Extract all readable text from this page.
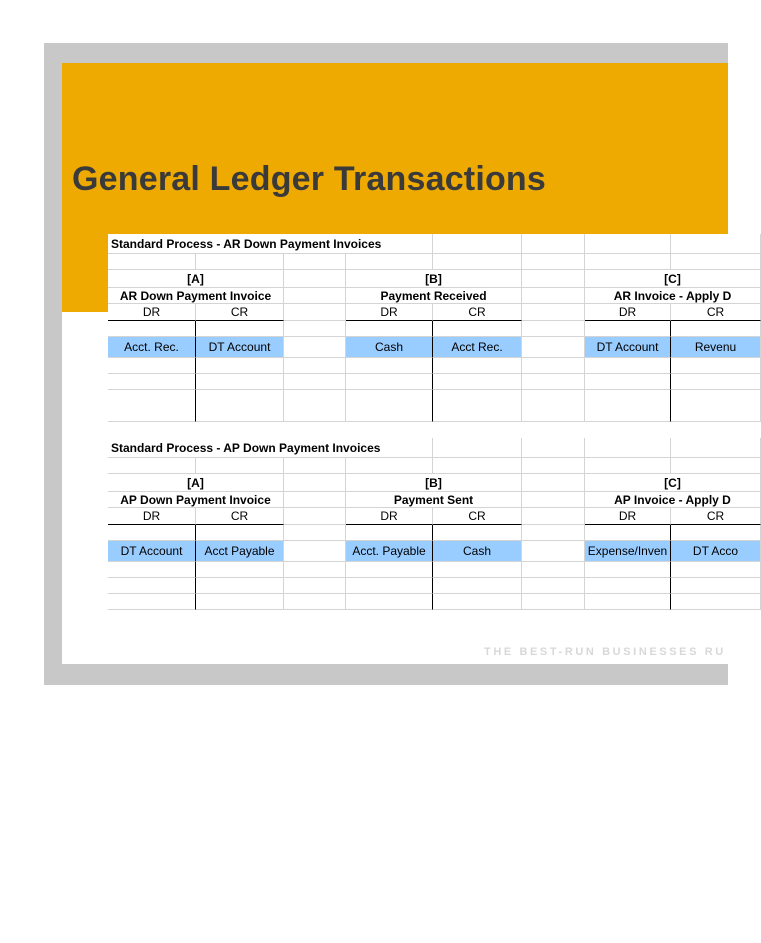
General Ledger Transactions
Standard Process - AR Down Payment Invoices
[A]	[B]	[C]
AR Down Payment Invoice	Payment Received	AR Invoice - Apply D
DR	CR	DR	CR	DR	CR
Acct. Rec.	DT Account	Cash	Acct Rec.	DT Account	Revenu
Standard Process - AP Down Payment Invoices
[A]	[B]	[C]
AP Down Payment Invoice	Payment Sent	AP Invoice - Apply D
DR	CR	DR	CR	DR	CR
DT Account	Acct Payable	Acct. Payable	Cash	Expense/Inven	DT Acco
THE BEST-RUN BUSINESSES RU
